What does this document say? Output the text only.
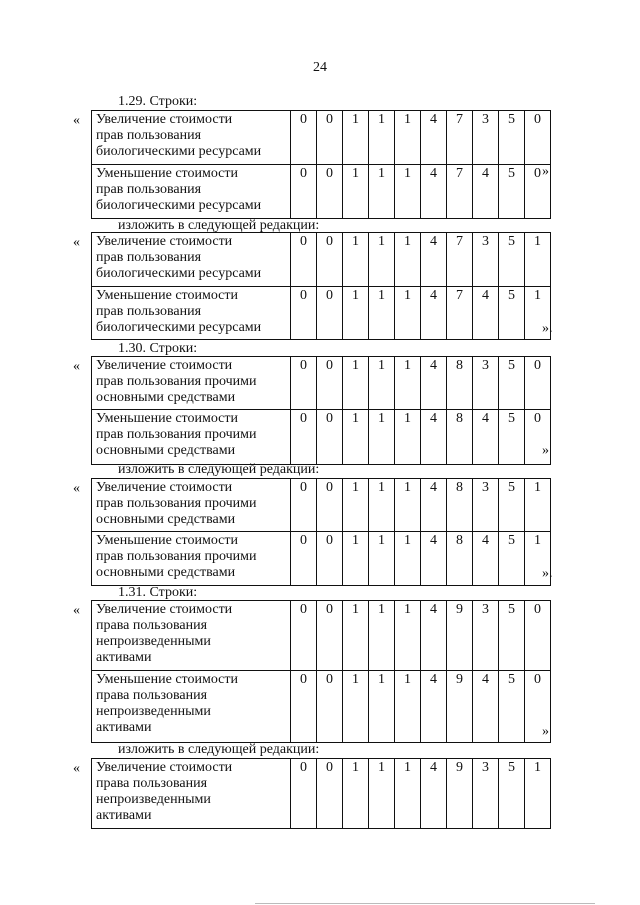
24
1.29. Строки:
« Увеличение стоимости
прав пользования
биологическими ресурсами	0	0	1	1	1	4	7	3	5	0

Уменьшение стоимости
прав пользования
биологическими ресурсами	0	0	1	1	1	4	7	4	5	0 »
изложить в следующей редакции:
« Увеличение стоимости
прав пользования
биологическими ресурсами	0	0	1	1	1	4	7	3	5	1

Уменьшение стоимости
прав пользования
биологическими ресурсами	0	0	1	1	1	4	7	4	5	1
».
1.30. Строки:
« Увеличение стоимости
прав пользования прочими
основными средствами	0	0	1	1	1	4	8	3	5	0

Уменьшение стоимости
прав пользования прочими
основными средствами	0	0	1	1	1	4	8	4	5	0
»
изложить в следующей редакции:
« Увеличение стоимости
прав пользования прочими
основными средствами	0	0	1	1	1	4	8	3	5	1

Уменьшение стоимости
прав пользования прочими
основными средствами	0	0	1	1	1	4	8	4	5	1
».
1.31. Строки:
« Увеличение стоимости
права пользования
непроизведенными
активами	0	0	1	1	1	4	9	3	5	0

Уменьшение стоимости
права пользования
непроизведенными
активами	0	0	1	1	1	4	9	4	5	0
»
изложить в следующей редакции:
« Увеличение стоимости
права пользования
непроизведенными
активами
	0	0	1	1	1	4	9	3	5	1
